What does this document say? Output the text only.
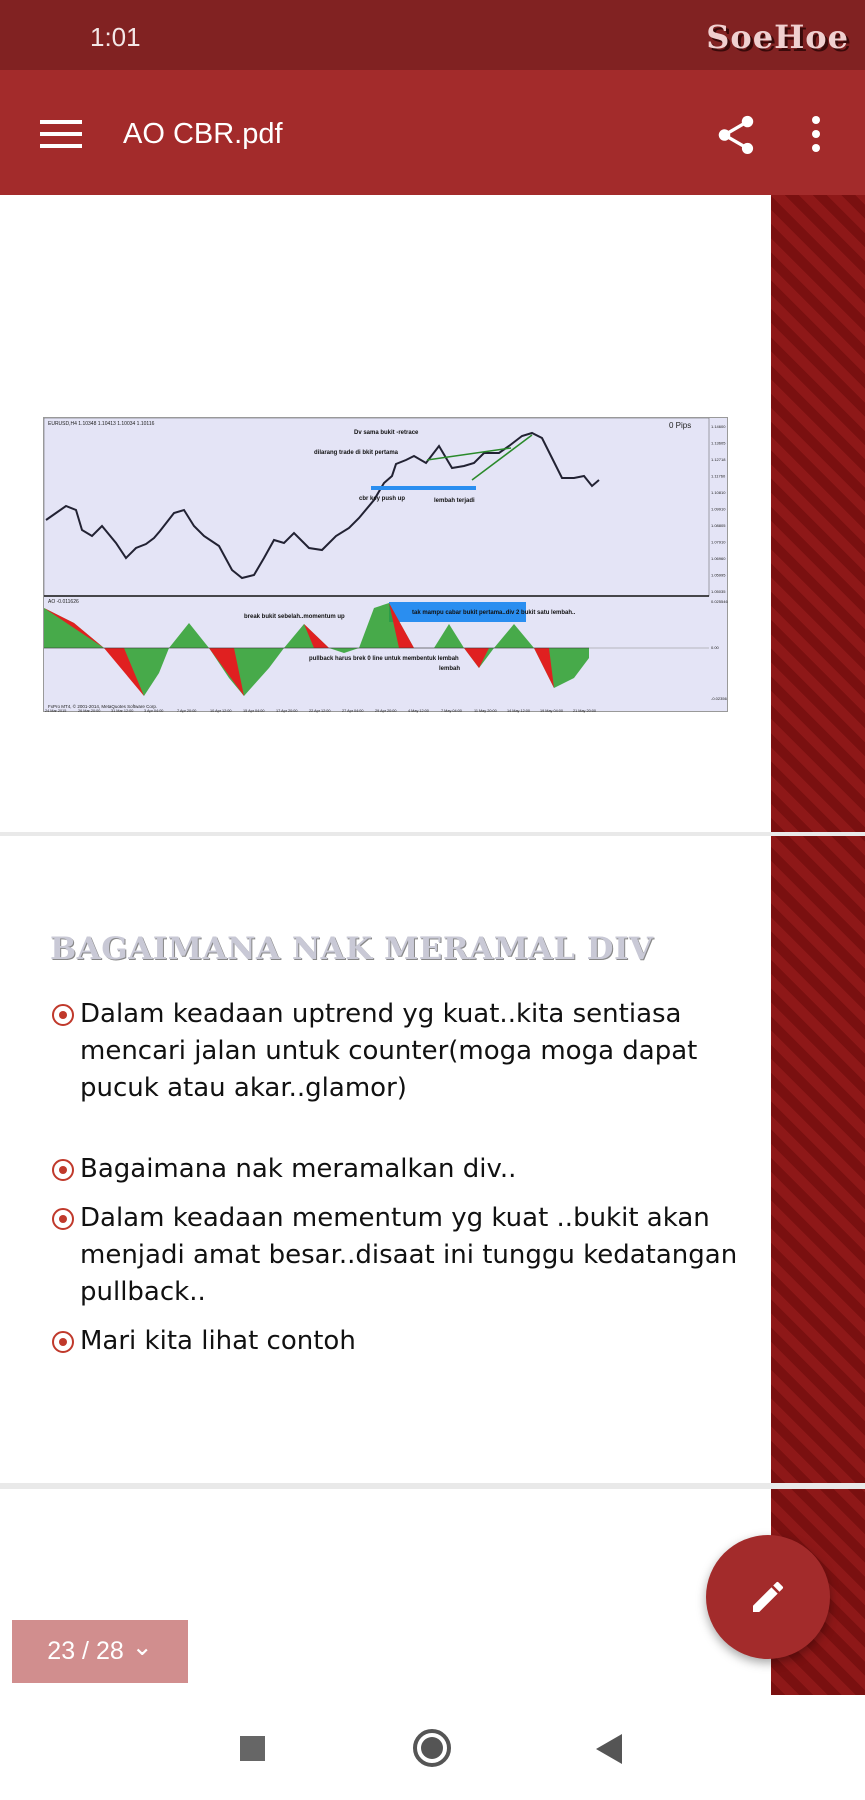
1:01	SoeHoe
AO CBR.pdf
EURUSD,H4 1.10348 1.10413 1.10034 1.10116	0 Pips
AO -0.011626
FxPro MT4, © 2001-2014, MetaQuotes Software Corp.
Dv sama bukit -retrace
dilarang trade di bkit pertama
cbr key push up	lembah terjadi
break bukit sebelah..momentum up
tak mampu cabar bukit pertama..div 2 bukit satu lembah..
pullback harus brek 0 line untuk membentuk lembah
lembah
1.14600
1.13605
1.12718
1.11760
1.10810
1.09910
1.08805
1.07910
1.06960
1.05995
1.05035
0.025546
0.00
-0.02356
24 Mar 2015	26 Mar 20:00	31 Mar 12:00	3 Apr 04:00	7 Apr 20:00	10 Apr 12:00	15 Apr 04:00	17 Apr 20:00	22 Apr 12:00	27 Apr 04:00	29 Apr 20:00	4 May 12:00	7 May 04:00	11 May 20:00	14 May 12:00	19 May 04:00	21 May 20:00
BAGAIMANA NAK MERAMAL DIV
Dalam keadaan uptrend yg kuat..kita sentiasa mencari jalan untuk counter(moga moga dapat pucuk atau akar..glamor)
Bagaimana nak meramalkan div..
Dalam keadaan mementum yg kuat ..bukit akan menjadi amat besar..disaat ini tunggu kedatangan pullback..
Mari kita lihat contoh
23 / 28 ⌄
